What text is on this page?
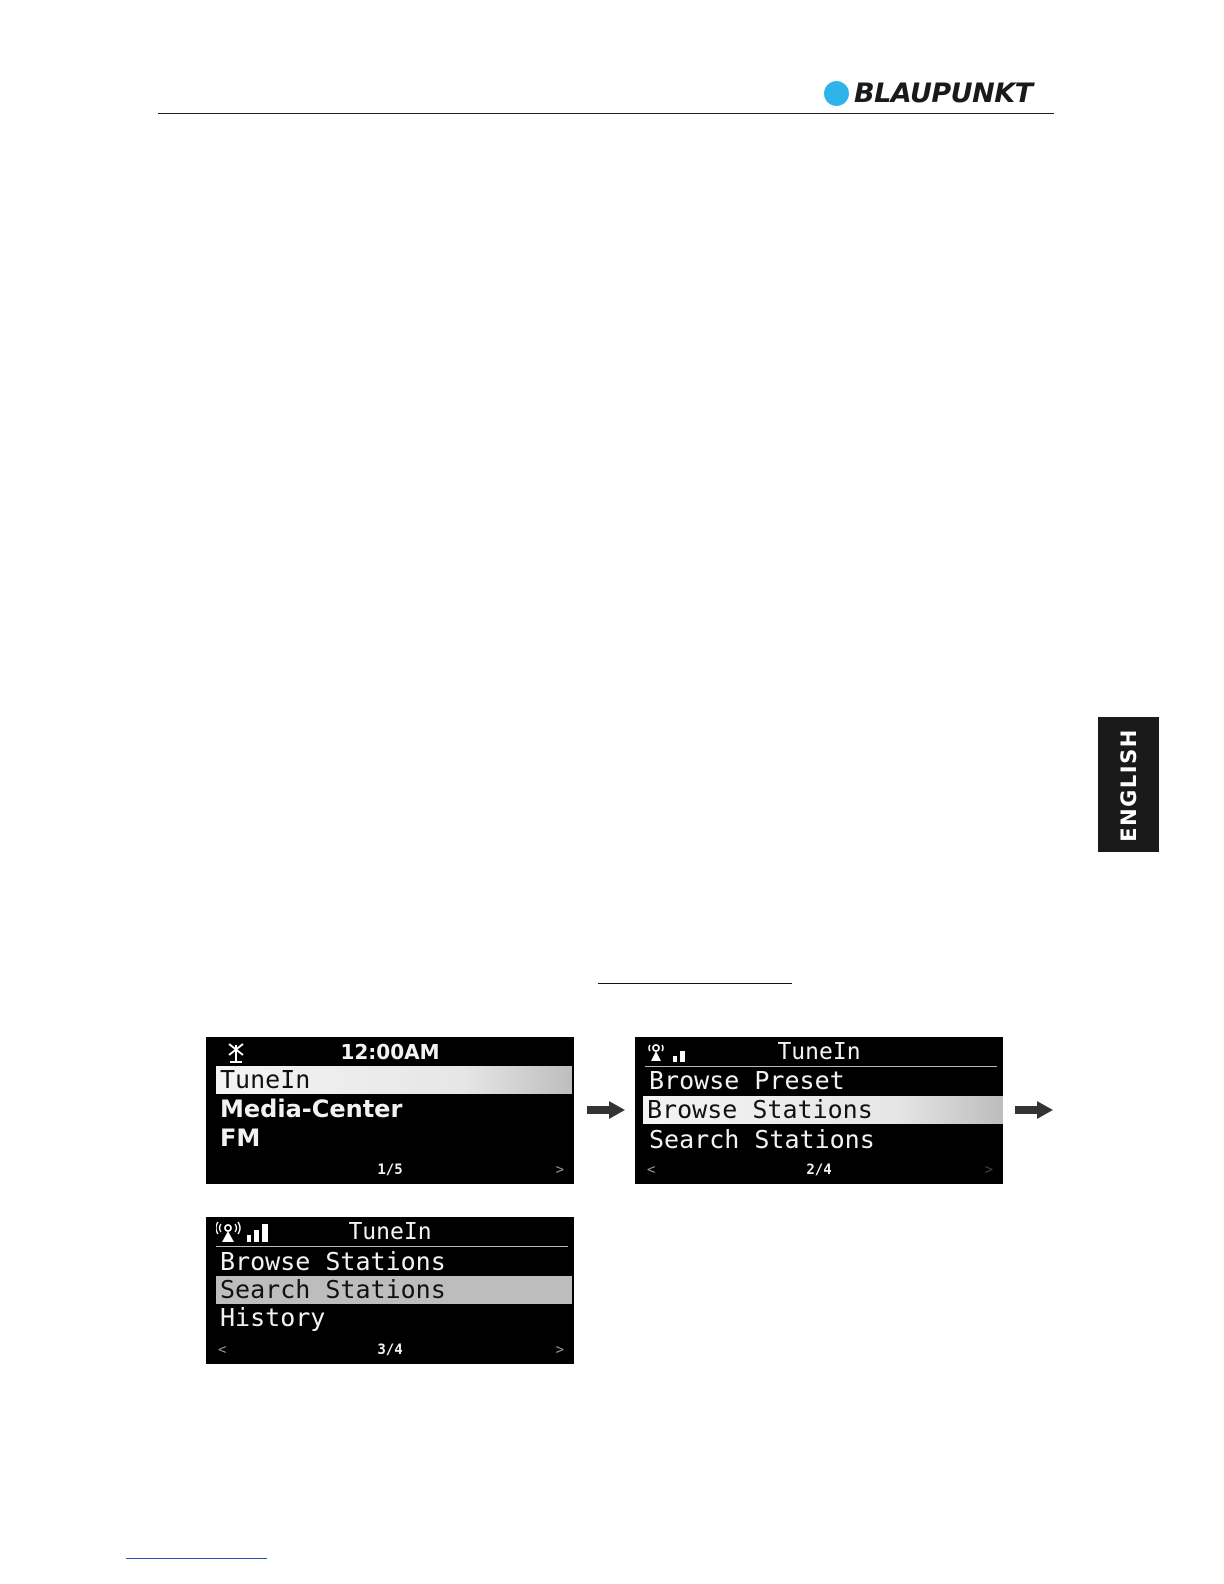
BLAUPUNKT
ENGLISH
12:00AM
TuneIn
Media-Center
FM
1/5	>
TuneIn
Browse Preset
Browse Stations
Search Stations
<	2/4	>
TuneIn
Browse Stations
Search Stations
History
<	3/4	>
